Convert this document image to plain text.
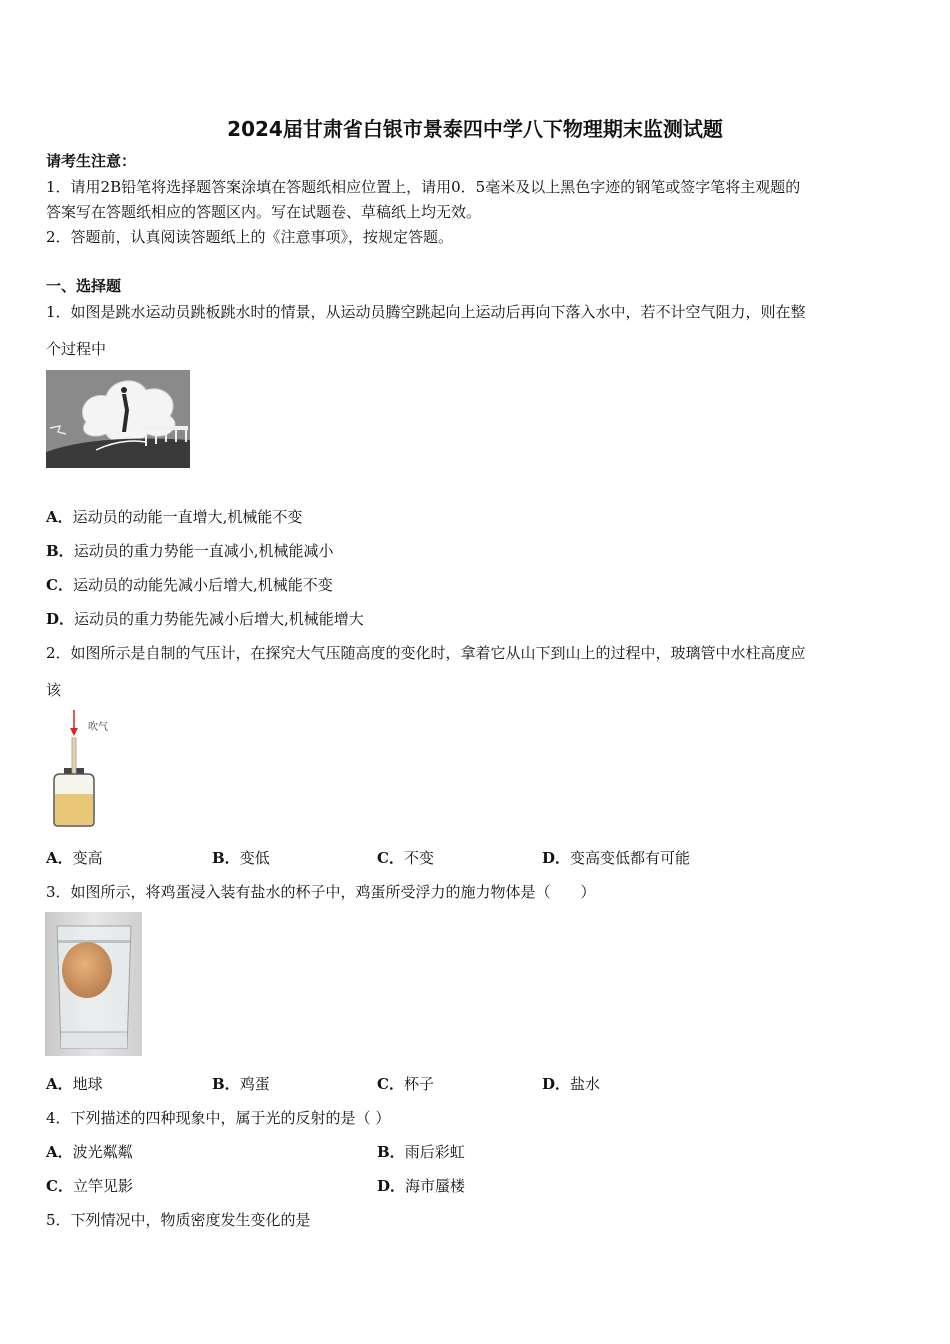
2024届甘肃省白银市景泰四中学八下物理期末监测试题
请考生注意：
1．请用2B铅笔将选择题答案涂填在答题纸相应位置上，请用0．5毫米及以上黑色字迹的钢笔或签字笔将主观题的
答案写在答题纸相应的答题区内。写在试题卷、草稿纸上均无效。
2．答题前，认真阅读答题纸上的《注意事项》，按规定答题。
一、选择题
1．如图是跳水运动员跳板跳水时的情景，从运动员腾空跳起向上运动后再向下落入水中，若不计空气阻力，则在整
个过程中
A．运动员的动能一直增大,机械能不变
B．运动员的重力势能一直减小,机械能减小
C．运动员的动能先减小后增大,机械能不变
D．运动员的重力势能先减小后增大,机械能增大
2．如图所示是自制的气压计，在探究大气压随高度的变化时，拿着它从山下到山上的过程中，玻璃管中水柱高度应
该
吹气
A．变高	B．变低	C．不变	D．变高变低都有可能
3．如图所示，将鸡蛋浸入装有盐水的杯子中，鸡蛋所受浮力的施力物体是（　　）
A．地球	B．鸡蛋	C．杯子	D．盐水
4．下列描述的四种现象中，属于光的反射的是（ ）
A．波光粼粼	B．雨后彩虹
C．立竿见影	D．海市蜃楼
5．下列情况中，物质密度发生变化的是
